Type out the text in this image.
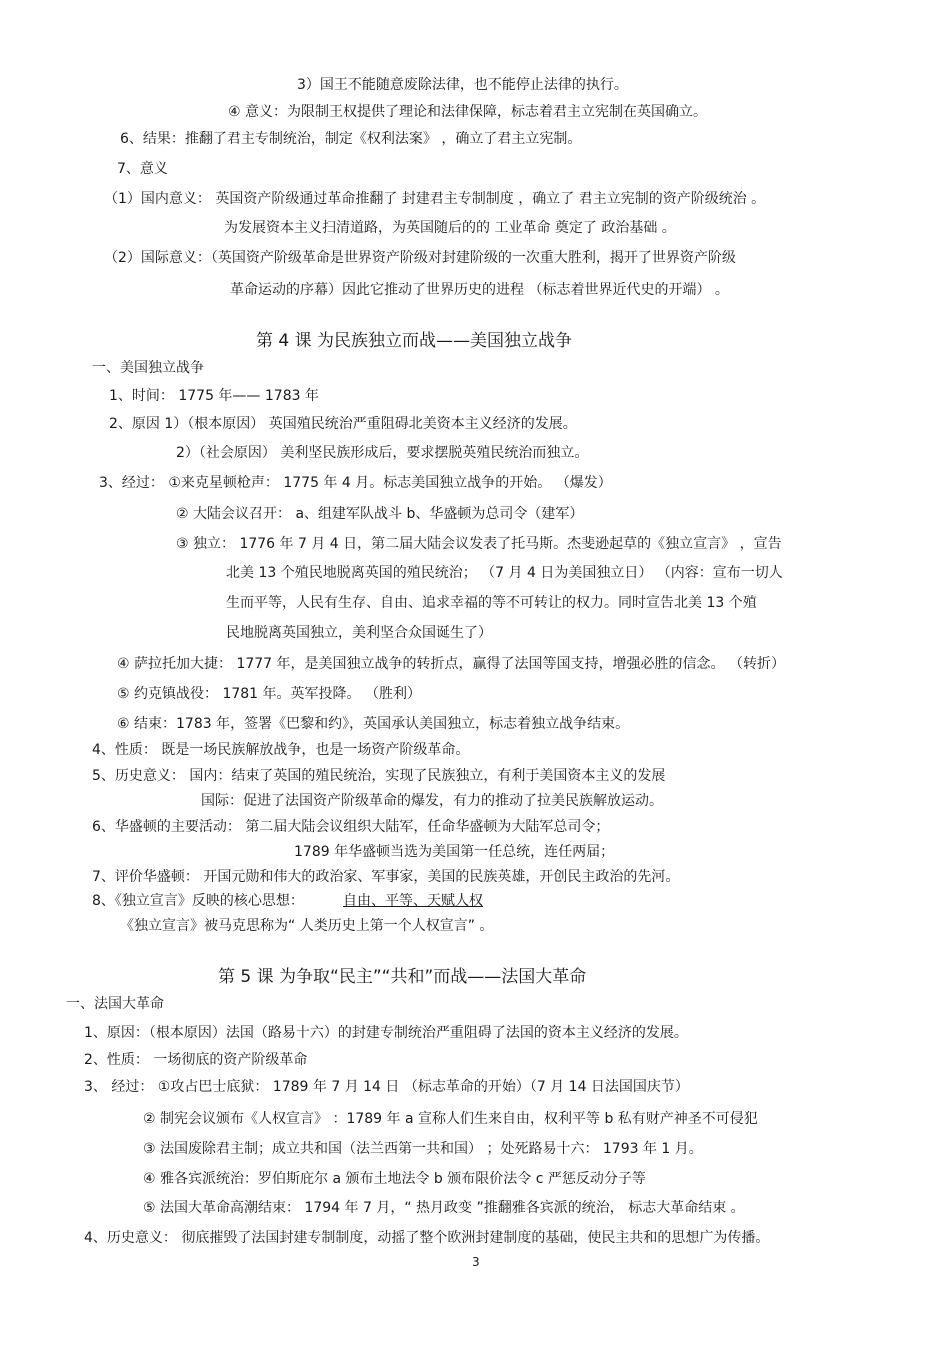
3）国王不能随意废除法律，也不能停止法律的执行。
④ 意义：为限制王权提供了理论和法律保障，标志着君主立宪制在英国确立。
6、结果：推翻了君主专制统治，制定《权利法案》 ，确立了君主立宪制。
7、意义
（1）国内意义： 英国资产阶级通过革命推翻了 封建君主专制制度 ，确立了 君主立宪制的资产阶级统治 。
为发展资本主义扫清道路，为英国随后的的 工业革命 奠定了 政治基础 。
（2）国际意义：（英国资产阶级革命是世界资产阶级对封建阶级的一次重大胜利，揭开了世界资产阶级
革命运动的序幕）因此它推动了世界历史的进程 （标志着世界近代史的开端） 。
第 4 课 为民族独立而战——美国独立战争
一、美国独立战争
1、时间： 1775 年—— 1783 年
2、原因 1）（根本原因） 英国殖民统治严重阻碍北美资本主义经济的发展。
2）（社会原因） 美利坚民族形成后，要求摆脱英殖民统治而独立。
3、经过： ①来克星顿枪声： 1775 年 4 月。标志美国独立战争的开始。 （爆发）
② 大陆会议召开： a、组建军队战斗 b、华盛顿为总司令（建军）
③ 独立： 1776 年 7 月 4 日，第二届大陆会议发表了托马斯。杰斐逊起草的《独立宣言》 ，宣告
北美 13 个殖民地脱离英国的殖民统治； （7 月 4 日为美国独立日） （内容：宣布一切人
生而平等，人民有生存、自由、追求幸福的等不可转让的权力。同时宣告北美 13 个殖
民地脱离英国独立，美利坚合众国诞生了）
④ 萨拉托加大捷： 1777 年，是美国独立战争的转折点，赢得了法国等国支持，增强必胜的信念。 （转折）
⑤ 约克镇战役： 1781 年。英军投降。 （胜利）
⑥ 结束：1783 年，签署《巴黎和约》，英国承认美国独立，标志着独立战争结束。
4、性质： 既是一场民族解放战争，也是一场资产阶级革命。
5、历史意义： 国内：结束了英国的殖民统治，实现了民族独立，有利于美国资本主义的发展
国际：促进了法国资产阶级革命的爆发，有力的推动了拉美民族解放运动。
6、华盛顿的主要活动： 第二届大陆会议组织大陆军，任命华盛顿为大陆军总司令；
1789 年华盛顿当选为美国第一任总统，连任两届；
7、评价华盛顿： 开国元勋和伟大的政治家、军事家，美国的民族英雄，开创民主政治的先河。
8、《独立宣言》反映的核心思想：	自由、平等、天赋人权
《独立宣言》被马克思称为“ 人类历史上第一个人权宣言” 。
第 5 课 为争取“民主”“共和”而战——法国大革命
一、法国大革命
1、原因：（根本原因）法国（路易十六）的封建专制统治严重阻碍了法国的资本主义经济的发展。
2、性质： 一场彻底的资产阶级革命
3、 经过： ①攻占巴士底狱： 1789 年 7 月 14 日 （标志革命的开始）（7 月 14 日法国国庆节）
② 制宪会议颁布《人权宣言》 ：1789 年 a 宣称人们生来自由，权利平等 b 私有财产神圣不可侵犯
③ 法国废除君主制；成立共和国（法兰西第一共和国） ；处死路易十六： 1793 年 1 月。
④ 雅各宾派统治：罗伯斯庇尔 a 颁布土地法令 b 颁布限价法令 c 严惩反动分子等
⑤ 法国大革命高潮结束： 1794 年 7 月，“ 热月政变 ”推翻雅各宾派的统治， 标志大革命结束 。
4、历史意义： 彻底摧毁了法国封建专制制度，动摇了整个欧洲封建制度的基础，使民主共和的思想广为传播。
3
